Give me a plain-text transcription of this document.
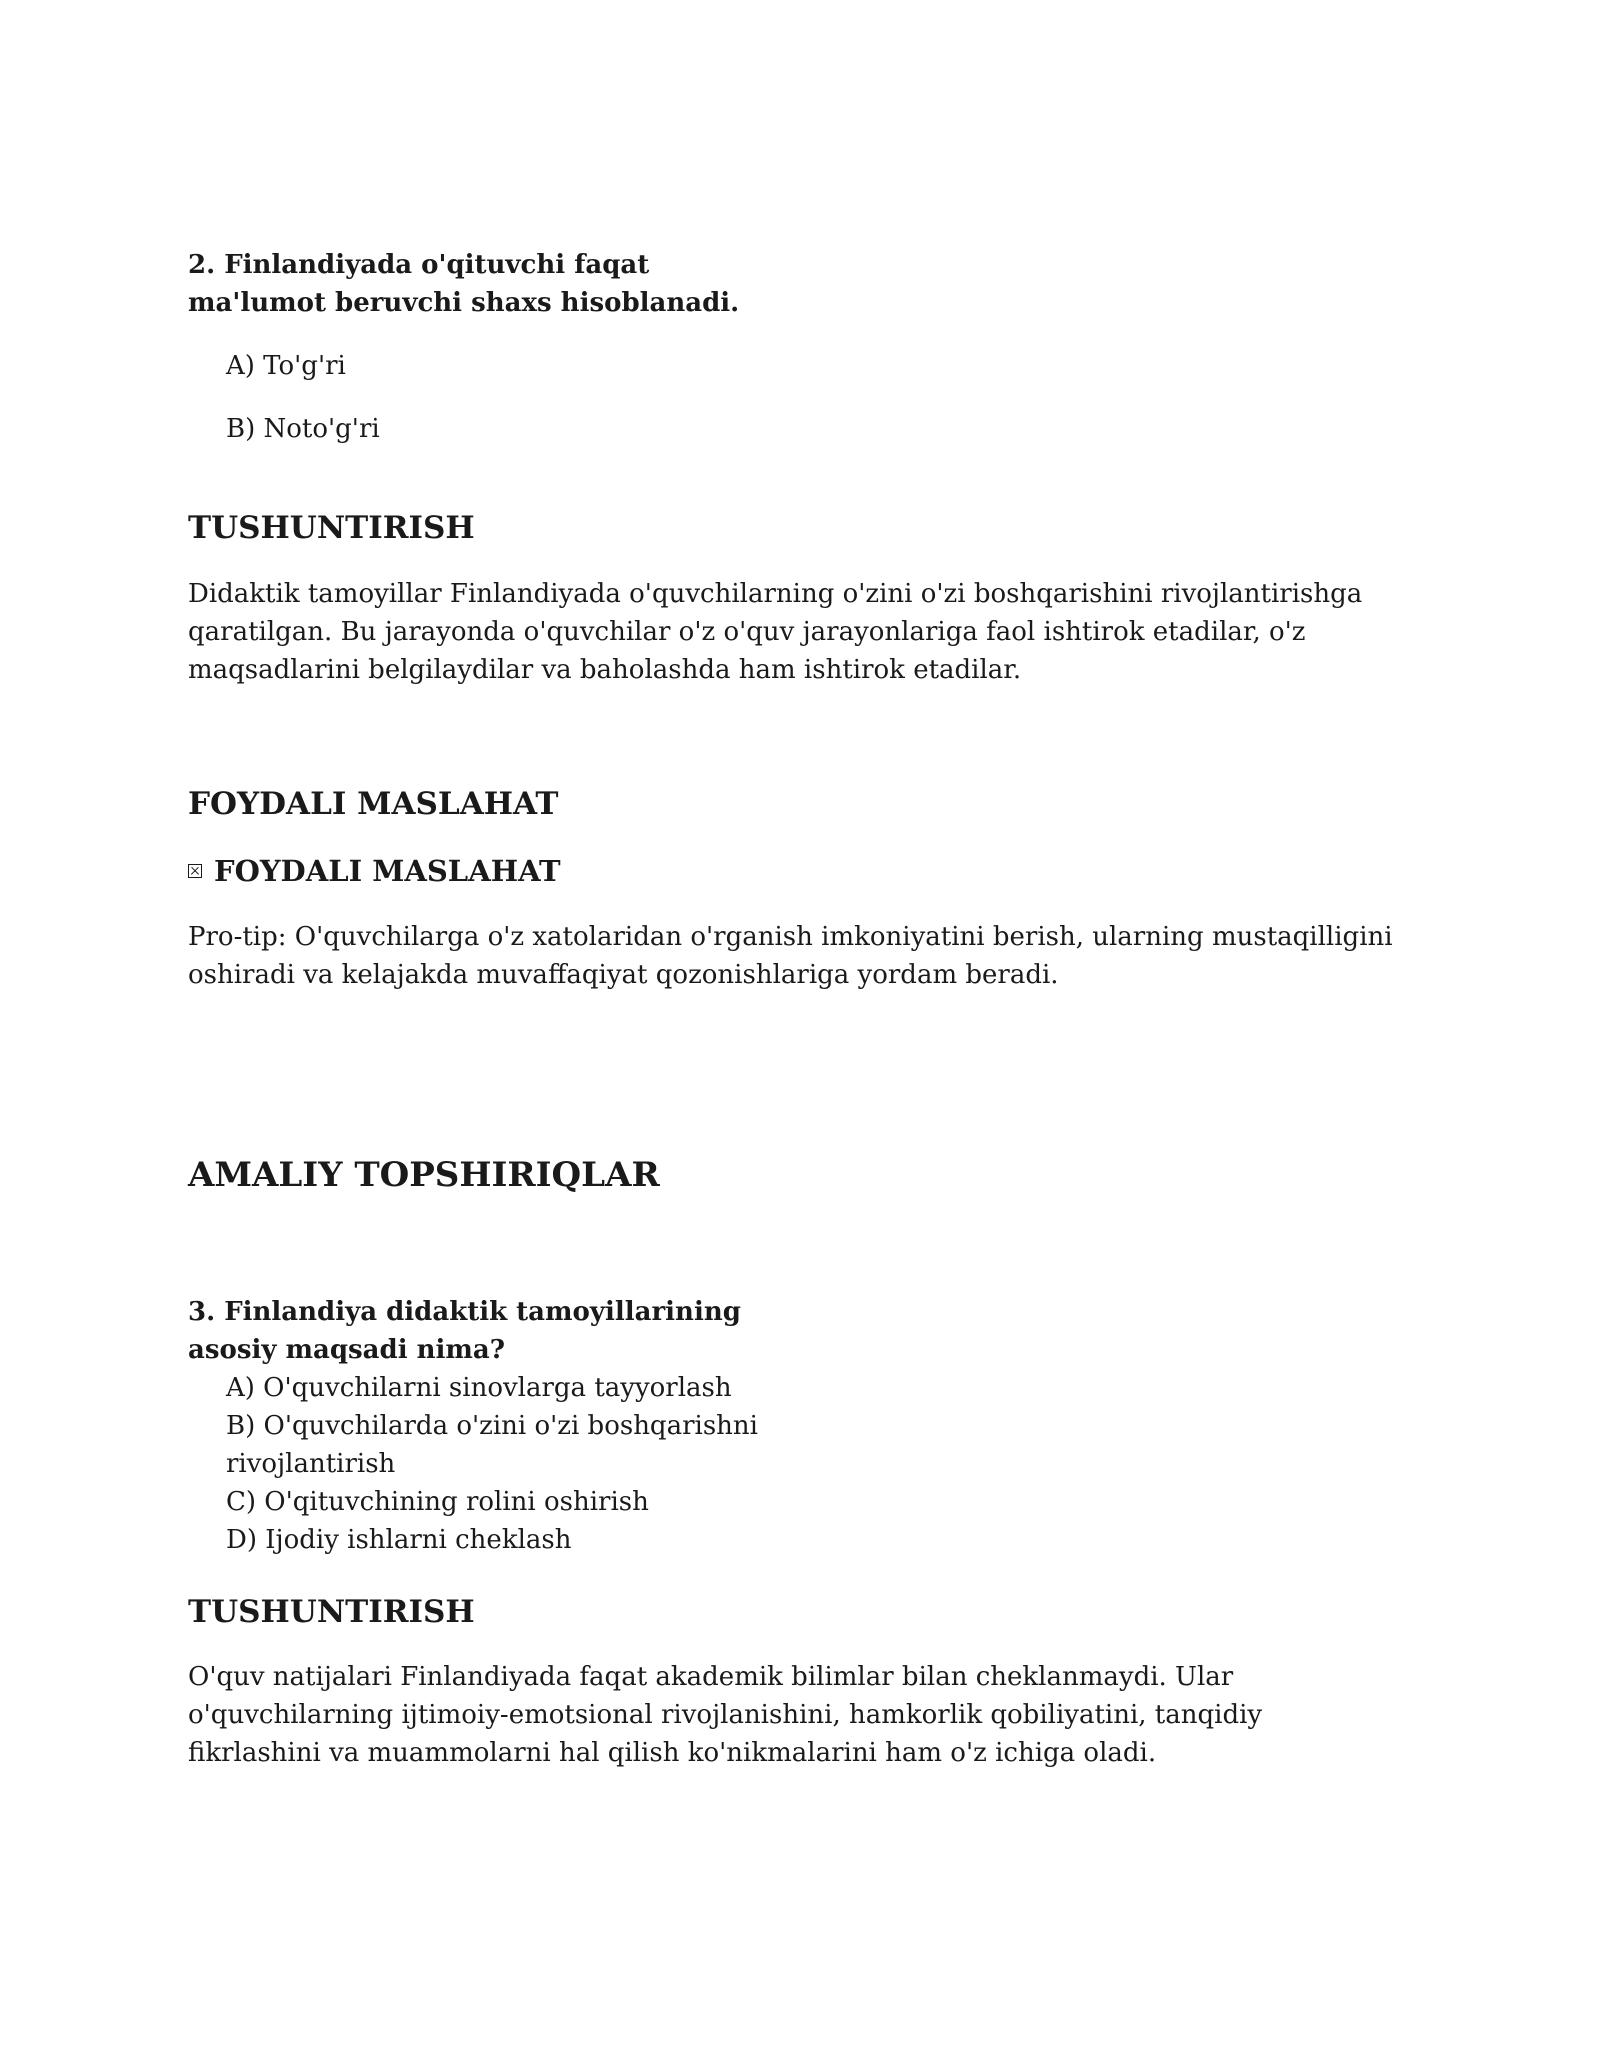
2. Finlandiyada o'qituvchi faqat ma'lumot beruvchi shaxs hisoblanadi.

A) To'g'ri

B) Noto'g'ri

TUSHUNTIRISH

Didaktik tamoyillar Finlandiyada o'quvchilarning o'zini o'zi boshqarishini rivojlantirishga qaratilgan. Bu jarayonda o'quvchilar o'z o'quv jarayonlariga faol ishtirok etadilar, o'z maqsadlarini belgilaydilar va baholashda ham ishtirok etadilar.

FOYDALI MASLAHAT

FOYDALI MASLAHAT

Pro-tip: O'quvchilarga o'z xatolaridan o'rganish imkoniyatini berish, ularning mustaqilligini oshiradi va kelajakda muvaffaqiyat qozonishlariga yordam beradi.

AMALIY TOPSHIRIQLAR

3. Finlandiya didaktik tamoyillarining asosiy maqsadi nima?

A) O'quvchilarni sinovlarga tayyorlash
B) O'quvchilarda o'zini o'zi boshqarishni rivojlantirish
C) O'qituvchining rolini oshirish
D) Ijodiy ishlarni cheklash

TUSHUNTIRISH

O'quv natijalari Finlandiyada faqat akademik bilimlar bilan cheklanmaydi. Ular o'quvchilarning ijtimoiy-emotsional rivojlanishini, hamkorlik qobiliyatini, tanqidiy fikrlashini va muammolarni hal qilish ko'nikmalarini ham o'z ichiga oladi.
